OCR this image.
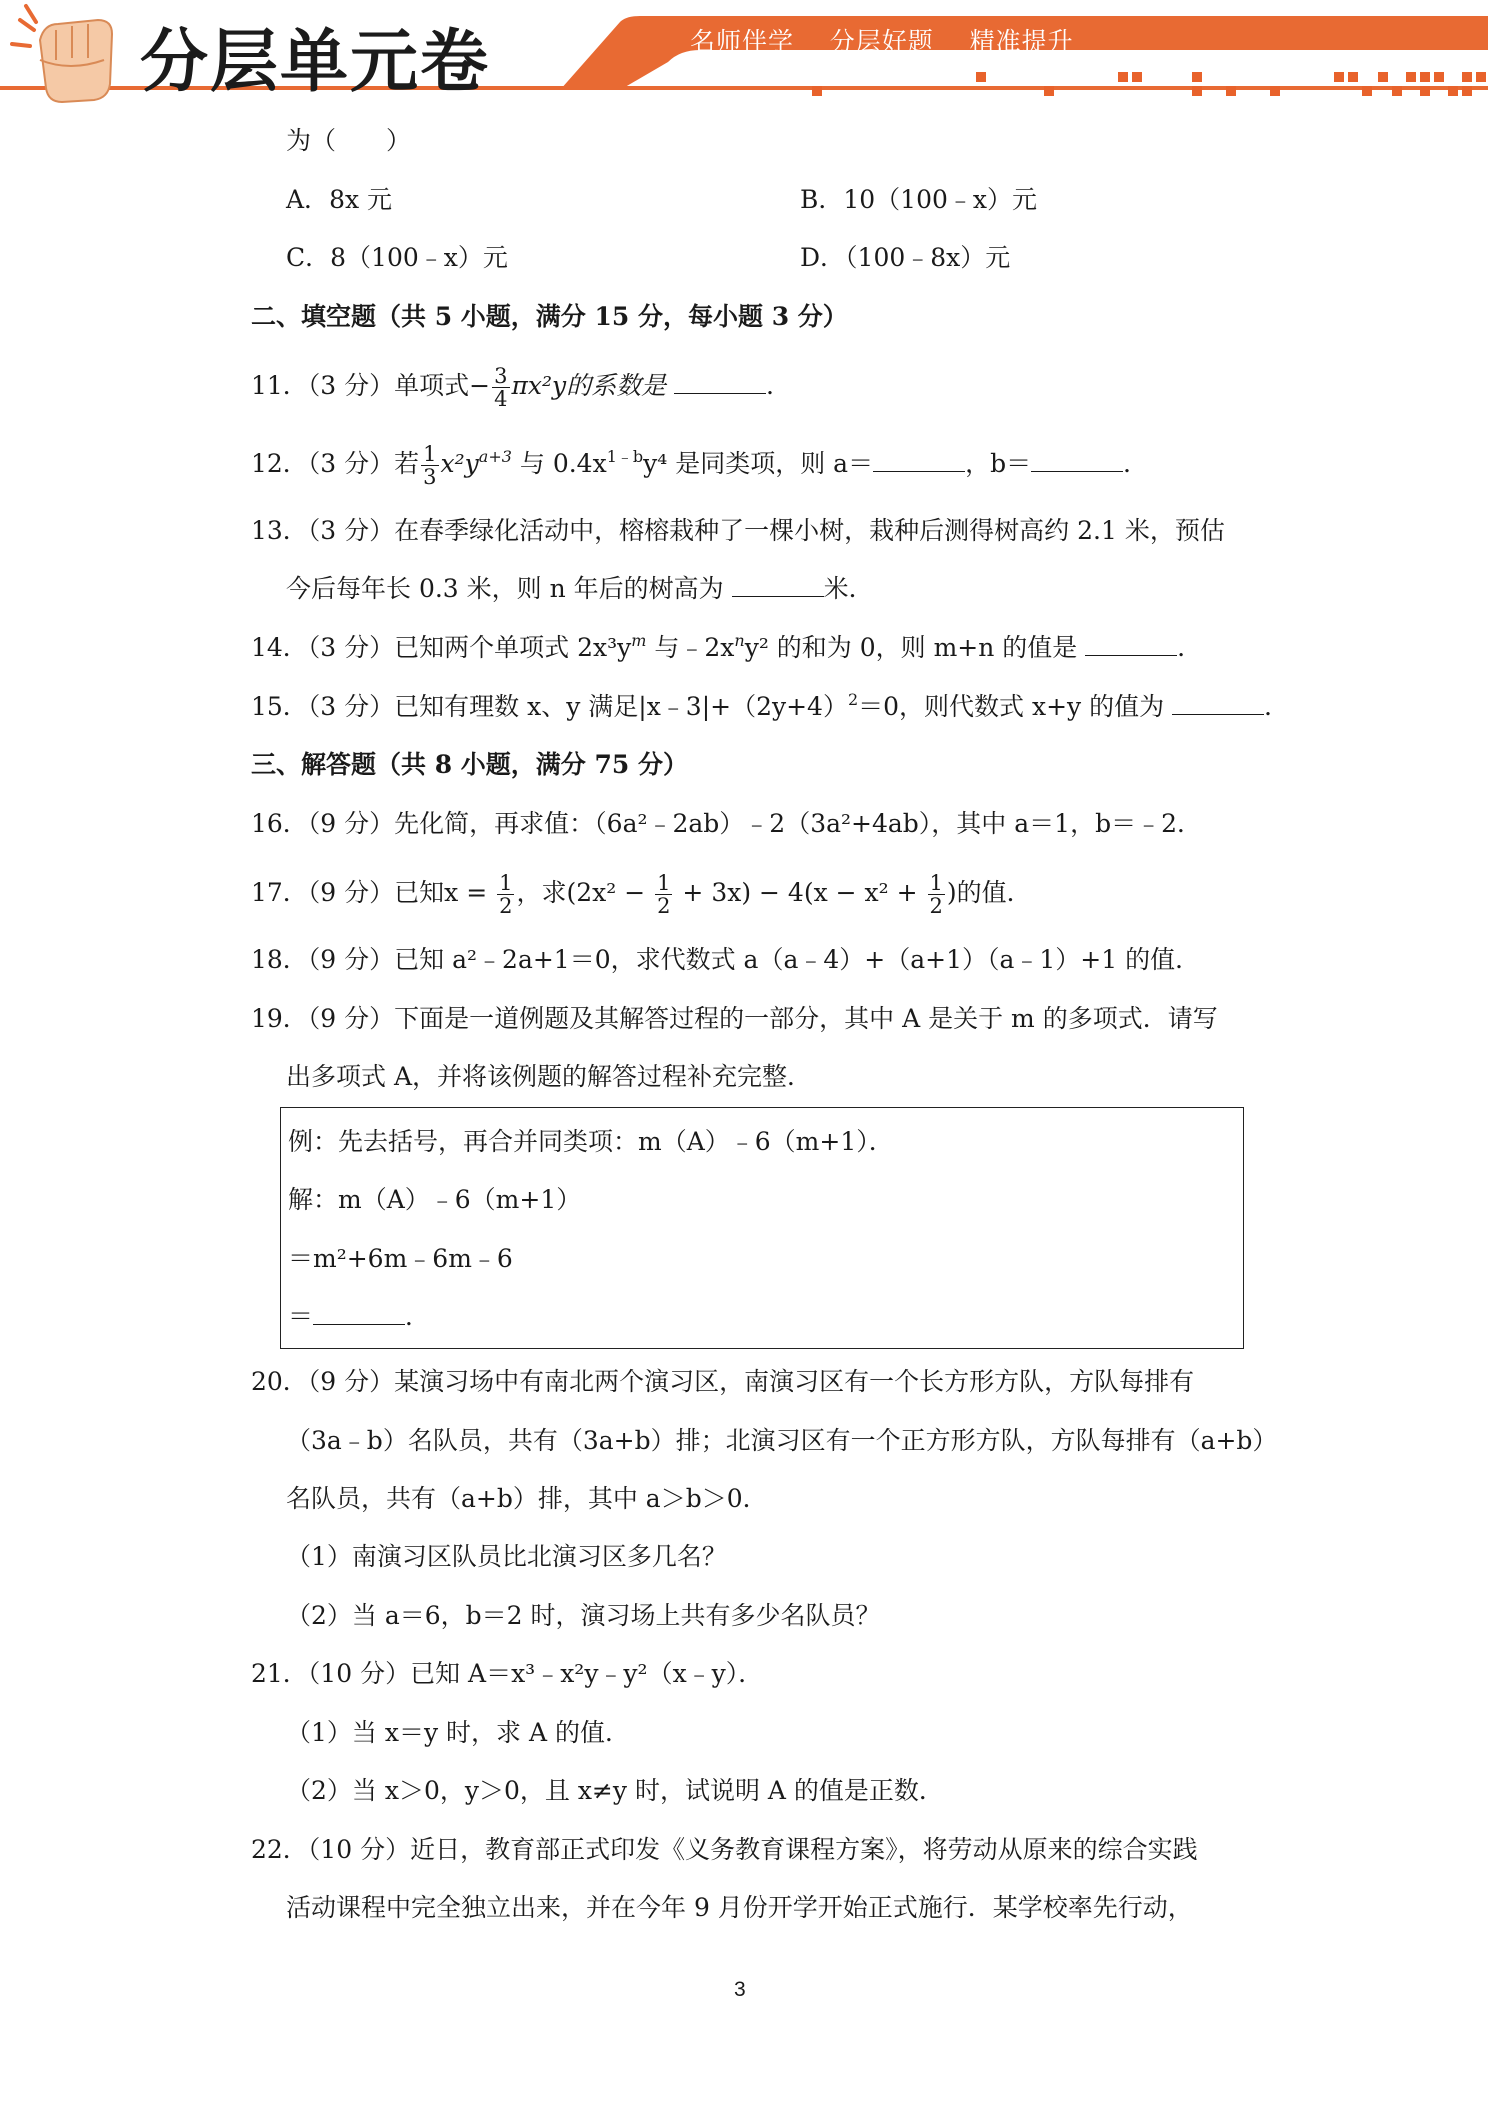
分层单元卷	名师伴学    分层好题    精准提升
为（　　）
A．8x 元	B．10（100﹣x）元
C．8（100﹣x）元	D．（100﹣8x）元
二、填空题（共 5 小题，满分 15 分，每小题 3 分）
11．（3 分）单项式− $\frac{3}{4} \pi x^2y$的系数是	．
12．（3 分）若 $\frac{1}{3} x^2y^{a+3}$ 与 $0.4x^{1﹣b}y^4$ 是同类项，则 a＝	，b＝	．
13．（3 分）在春季绿化活动中，榕榕栽种了一棵小树，栽种后测得树高约 2.1 米，预估
今后每年长 0.3 米，则 n 年后的树高为	米．
14．（3 分）已知两个单项式 $2x^3y^m$ 与$﹣2x^ny^2$ 的和为 0，则 m+n 的值是	．
15．（3 分）已知有理数 x、y 满足$|x﹣3|+(2y+4)^2=0$，则代数式 x+y 的值为	．
三、解答题（共 8 小题，满分 75 分）
16．（9 分）先化简，再求值：（6a²﹣2ab）﹣2（3a²+4ab），其中 a＝1，b＝﹣2．
17．（9 分）已知$x = \frac{1}{2}$ ，求$(2x^2 - \frac{1}{2} + 3x) - 4(x - x^2 + \frac{1}{2}$ )的值．
18．（9 分）已知 a²﹣2a+1＝0，求代数式 a（a﹣4）+（a+1）（a﹣1）+1 的值．
19．（9 分）下面是一道例题及其解答过程的一部分，其中 A 是关于 m 的多项式．请写
出多项式 A，并将该例题的解答过程补充完整．
例：先去括号，再合并同类项：m（A）﹣6（m+1）．
解：m（A）﹣6（m+1）
＝m²+6m﹣6m﹣6
＝	．
20．（9 分）某演习场中有南北两个演习区，南演习区有一个长方形方队，方队每排有
（3a﹣b）名队员，共有（3a+b）排；北演习区有一个正方形方队，方队每排有（a+b）
名队员，共有（a+b）排，其中 a＞b＞0．
（1）南演习区队员比北演习区多几名？
（2）当 a＝6，b＝2 时，演习场上共有多少名队员？
21．（10 分）已知 A＝x³﹣x²y﹣y²（x﹣y）．
（1）当 x＝y 时，求 A 的值．
（2）当 x＞0，y＞0，且 x≠y 时，试说明 A 的值是正数．
22．（10 分）近日，教育部正式印发《义务教育课程方案》，将劳动从原来的综合实践
活动课程中完全独立出来，并在今年 9 月份开学开始正式施行．某学校率先行动，
3
